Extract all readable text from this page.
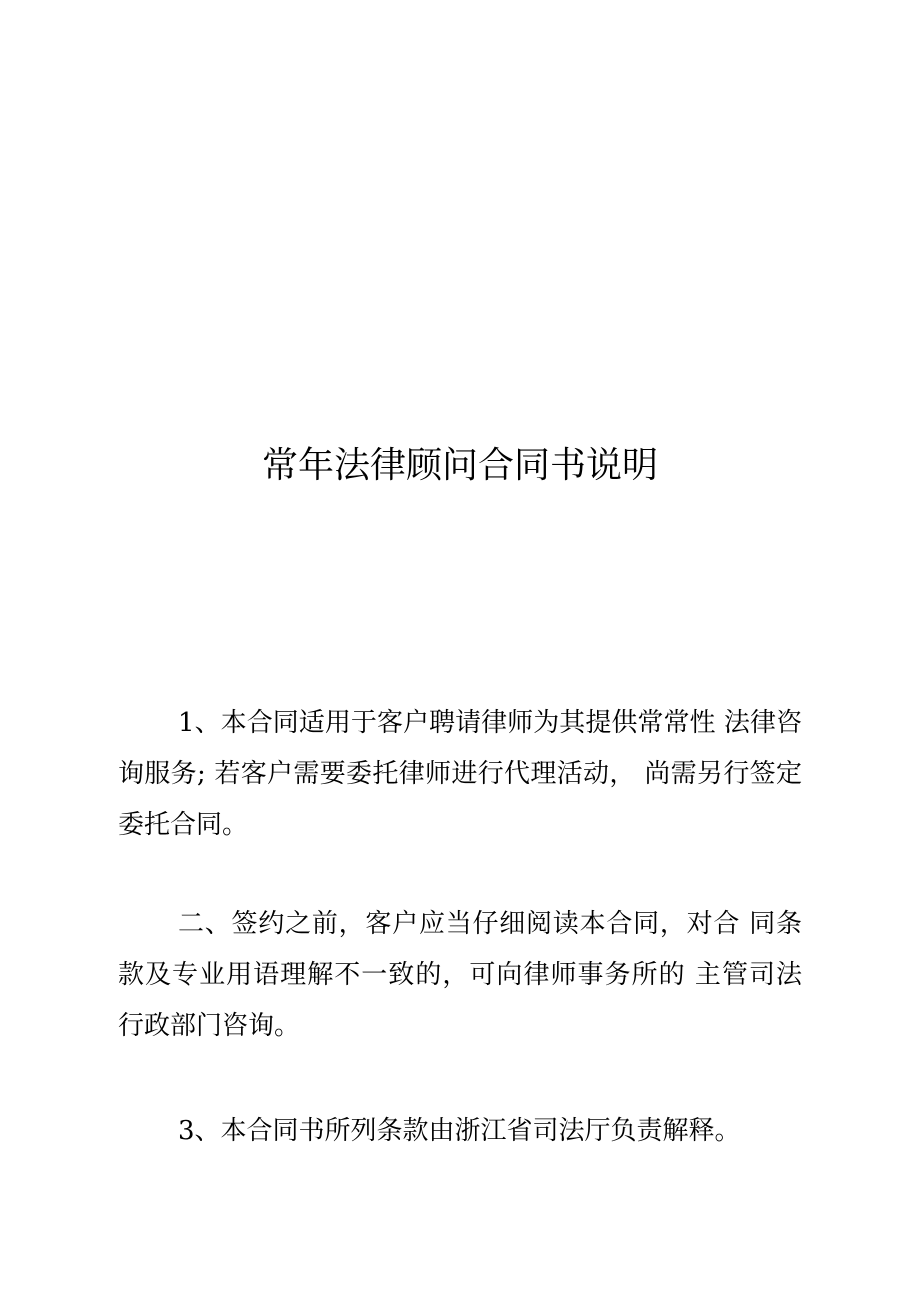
常年法律顾问合同书说明

1、本合同适用于客户聘请律师为其提供常常性 法律咨询服务; 若客户需要委托律师进行代理活动， 尚需另行签定委托合同。

二、签约之前，客户应当仔细阅读本合同，对合 同条款及专业用语理解不一致的，可向律师事务所的 主管司法行政部门咨询。

3、本合同书所列条款由浙江省司法厅负责解释。
